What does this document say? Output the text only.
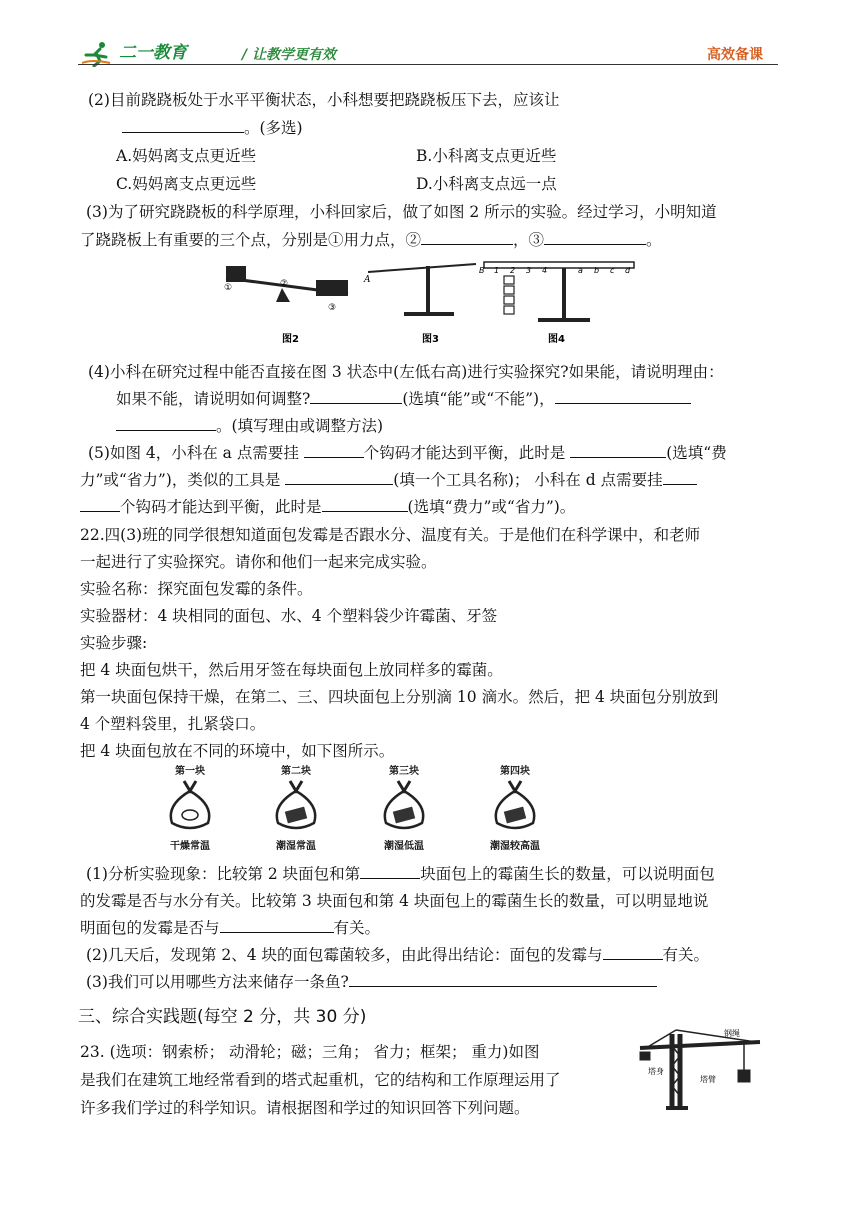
二一教育	/ 让教学更有效	高效备课
(2)目前跷跷板处于水平平衡状态，小科想要把跷跷板压下去，应该让
。(多选)
A.妈妈离支点更近些	B.小科离支点更近些
C.妈妈离支点更远些	D.小科离支点远一点
(3)为了研究跷跷板的科学原理，小科回家后，做了如图 2 所示的实验。经过学习，小明知道
了跷跷板上有重要的三个点，分别是①用力点，②	，③	。
①	②
③
图2
A
图3
B 1 2 3 4	a b c d
图4
(4)小科在研究过程中能否直接在图 3 状态中(左低右高)进行实验探究?如果能，请说明理由：
如果不能，请说明如何调整?	(选填“能”或“不能”)，
。(填写理由或调整方法)
(5)如图 4，小科在 a 点需要挂	个钩码才能达到平衡，此时是	(选填“费
力”或“省力”)，类似的工具是	(填一个工具名称)； 小科在 d 点需要挂
个钩码才能达到平衡，此时是	(选填“费力”或“省力”)。
22.四(3)班的同学很想知道面包发霉是否跟水分、温度有关。于是他们在科学课中，和老师
一起进行了实验探究。请你和他们一起来完成实验。
实验名称：探究面包发霉的条件。
实验器材：4 块相同的面包、水、4 个塑料袋少许霉菌、牙签
实验步骤:
把 4 块面包烘干，然后用牙签在每块面包上放同样多的霉菌。
第一块面包保持干燥，在第二、三、四块面包上分别滴 10 滴水。然后，把 4 块面包分别放到
4 个塑料袋里，扎紧袋口。
把 4 块面包放在不同的环境中，如下图所示。
第一块
干燥常温
第二块
潮湿常温
第三块
潮湿低温
第四块
潮湿较高温
(1)分析实验现象：比较第 2 块面包和第	块面包上的霉菌生长的数量，可以说明面包
的发霉是否与水分有关。比较第 3 块面包和第 4 块面包上的霉菌生长的数量，可以明显地说
明面包的发霉是否与	有关。
(2)几天后，发现第 2、4 块的面包霉菌较多，由此得出结论：面包的发霉与	有关。
(3)我们可以用哪些方法来储存一条鱼?
三、综合实践题(每空 2 分，共 30 分)
23. (选项：钢索桥； 动滑轮；磁；三角； 省力；框架； 重力)如图
是我们在建筑工地经常看到的塔式起重机，它的结构和工作原理运用了
许多我们学过的科学知识。请根据图和学过的知识回答下列问题。
钢绳
塔身
塔臂
